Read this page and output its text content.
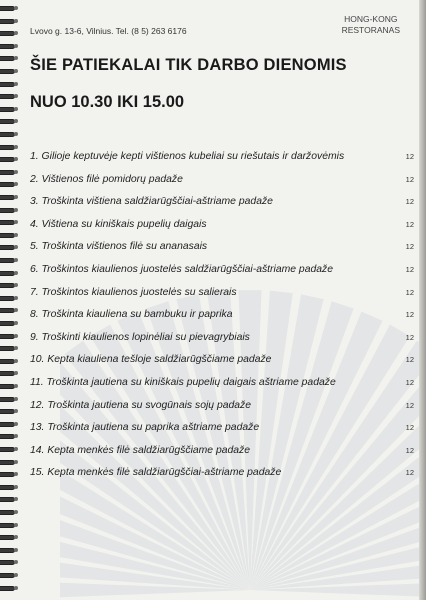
Lvovo g. 13-6, Vilnius. Tel. (8 5) 263 6176
HONG-KONG
RESTORANAS
ŠIE PATIEKALAI TIK DARBO DIENOMIS
NUO 10.30 IKI 15.00
1. Gilioje keptuvėje kepti vištienos kubeliai su riešutais ir daržovėmis	12
2. Vištienos filė pomidorų padaže	12
3. Troškinta vištiena saldžiarūgščiai-aštriame padaže	12
4. Vištiena su kiniškais pupelių daigais	12
5. Troškinta vištienos filė su ananasais	12
6. Troškintos kiaulienos juostelės saldžiarūgščiai-aštriame padaže	12
7. Troškintos kiaulienos juostelės su salierais	12
8. Troškinta kiauliena su bambuku ir paprika	12
9. Troškinti kiaulienos lopinėliai su pievagrybiais	12
10. Kepta kiauliena tešloje saldžiarūgščiame padaže	12
11. Troškinta jautiena su kiniškais pupelių daigais aštriame padaže	12
12. Troškinta jautiena su svogūnais sojų padaže	12
13. Troškinta jautiena su paprika aštriame padaže	12
14. Kepta menkės filė saldžiarūgščiame padaže	12
15. Kepta menkės filė saldžiarūgščiai-aštriame padaže	12
